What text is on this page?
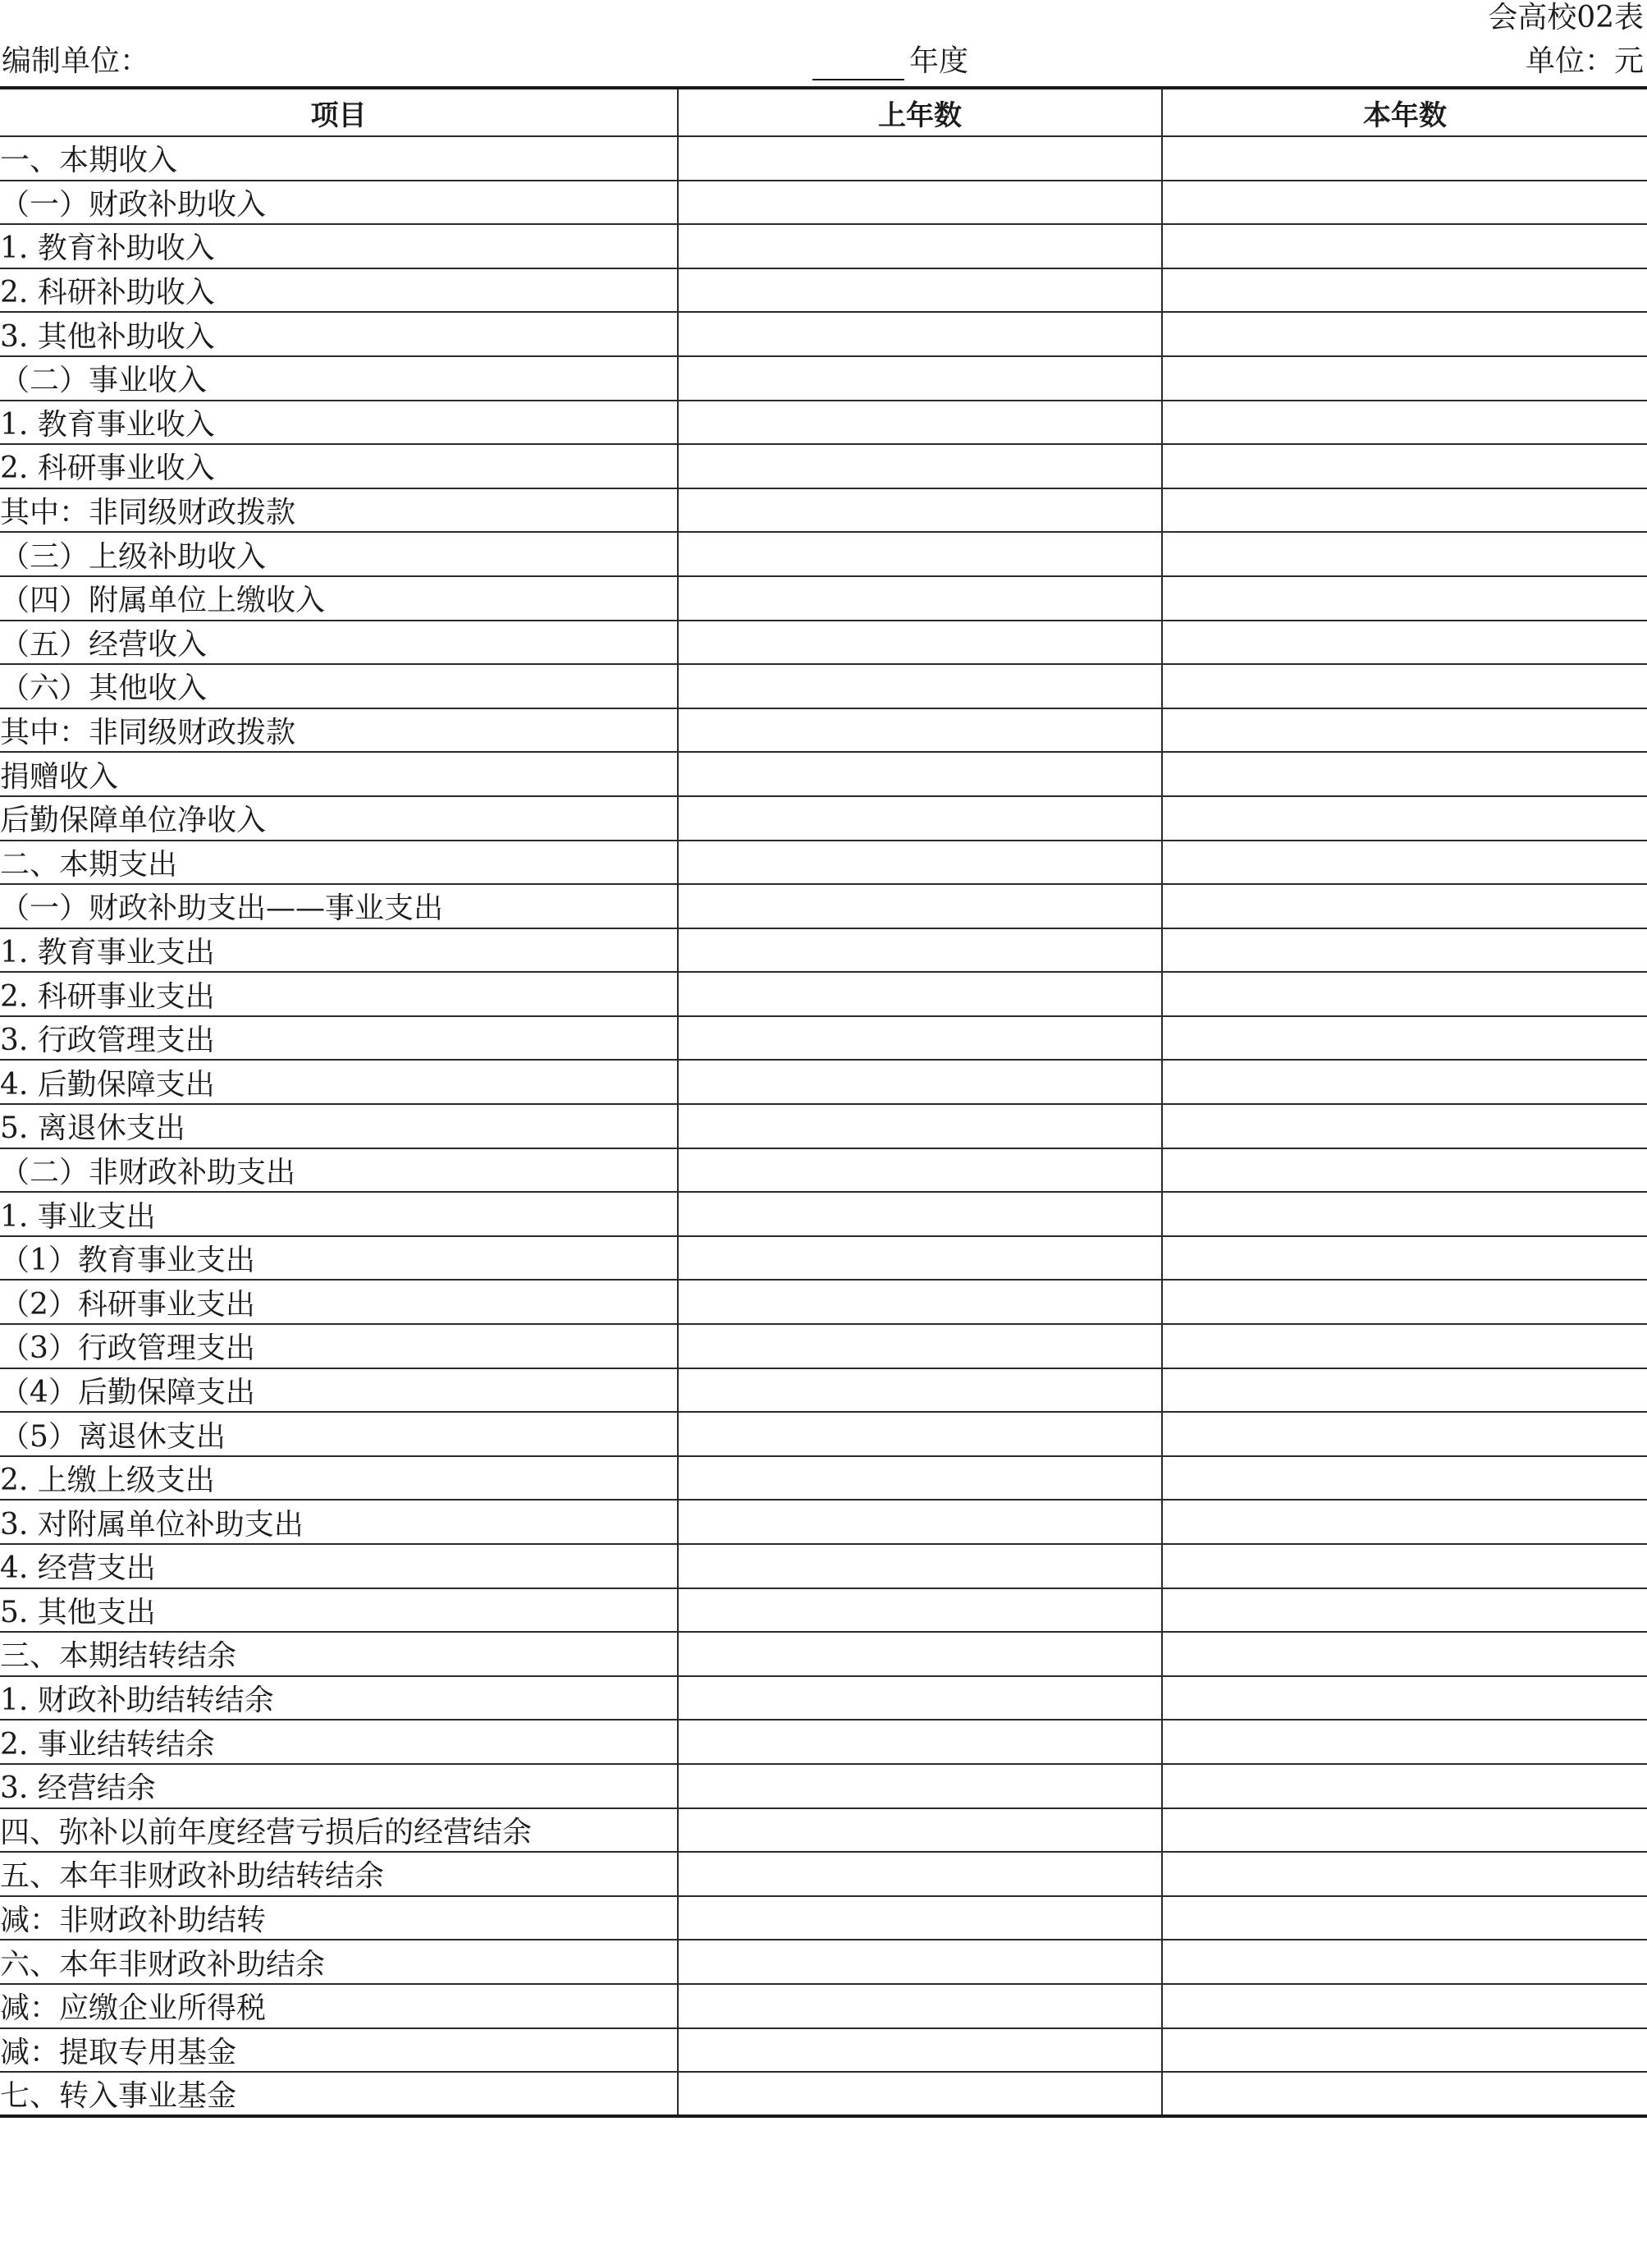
会高校02表
编制单位：	年度	单位：元
项目	上年数	本年数
一、本期收入		
（一）财政补助收入		
1. 教育补助收入		
2. 科研补助收入		
3. 其他补助收入		
（二）事业收入		
1. 教育事业收入		
2. 科研事业收入		
其中：非同级财政拨款		
（三）上级补助收入		
（四）附属单位上缴收入		
（五）经营收入		
（六）其他收入		
其中：非同级财政拨款		
捐赠收入		
后勤保障单位净收入		
二、本期支出		
（一）财政补助支出——事业支出		
1. 教育事业支出		
2. 科研事业支出		
3. 行政管理支出		
4. 后勤保障支出		
5. 离退休支出		
（二）非财政补助支出		
1. 事业支出		
（1）教育事业支出		
（2）科研事业支出		
（3）行政管理支出		
（4）后勤保障支出		
（5）离退休支出		
2. 上缴上级支出		
3. 对附属单位补助支出		
4. 经营支出		
5. 其他支出		
三、本期结转结余		
1. 财政补助结转结余		
2. 事业结转结余		
3. 经营结余		
四、弥补以前年度经营亏损后的经营结余		
五、本年非财政补助结转结余		
减：非财政补助结转		
六、本年非财政补助结余		
减：应缴企业所得税		
减：提取专用基金		
七、转入事业基金		
